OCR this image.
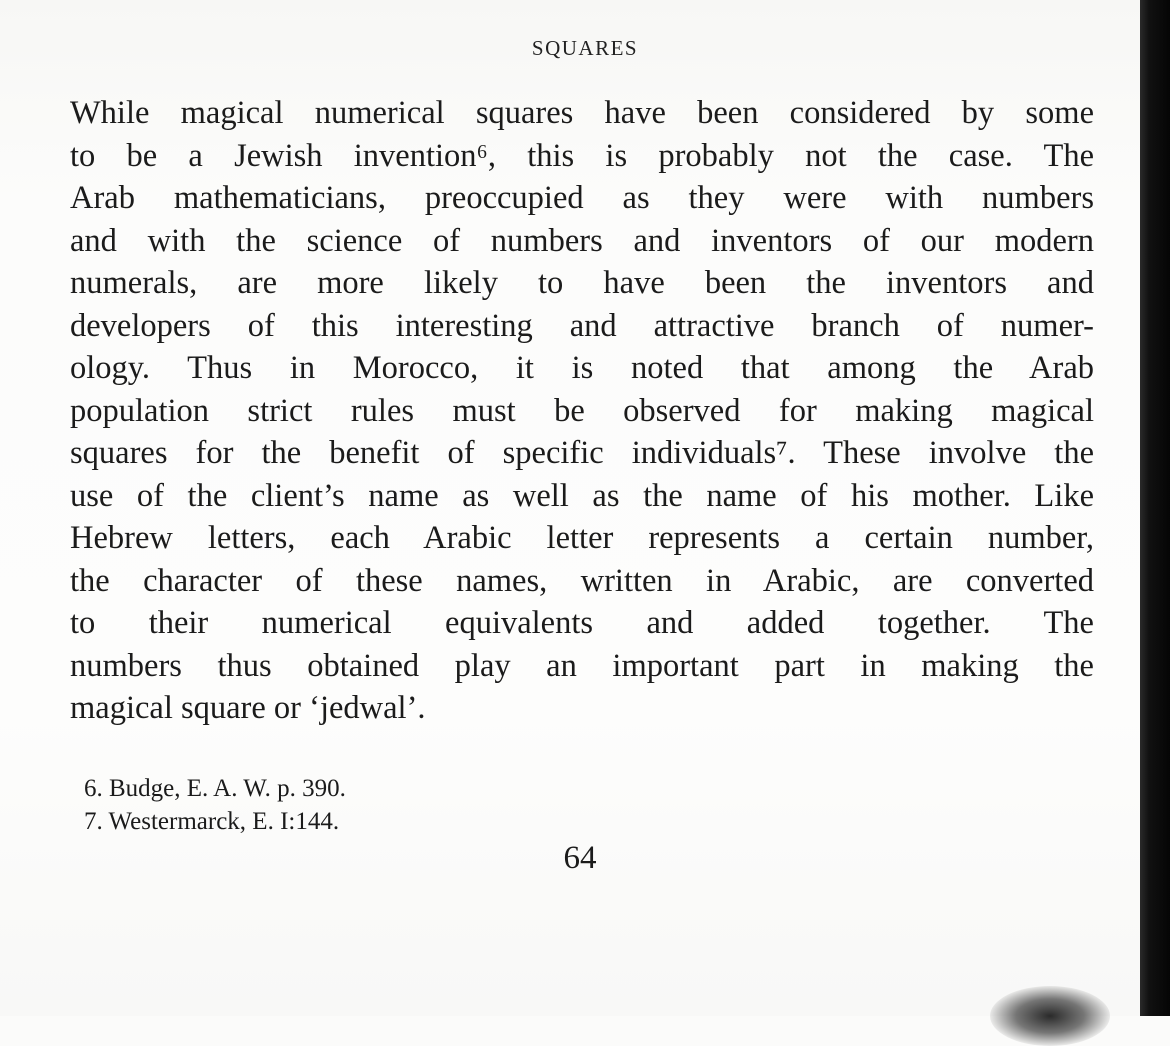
SQUARES
While magical numerical squares have been considered by some
to be a Jewish invention⁶, this is probably not the case. The
Arab mathematicians, preoccupied as they were with numbers
and with the science of numbers and inventors of our modern
numerals, are more likely to have been the inventors and
developers of this interesting and attractive branch of numer-
ology. Thus in Morocco, it is noted that among the Arab
population strict rules must be observed for making magical
squares for the benefit of specific individuals⁷. These involve the
use of the client’s name as well as the name of his mother. Like
Hebrew letters, each Arabic letter represents a certain number,
the character of these names, written in Arabic, are converted
to their numerical equivalents and added together. The
numbers thus obtained play an important part in making the
magical square or ‘jedwal’.
6. Budge, E. A. W. p. 390.
7. Westermarck, E. I:144.
64
